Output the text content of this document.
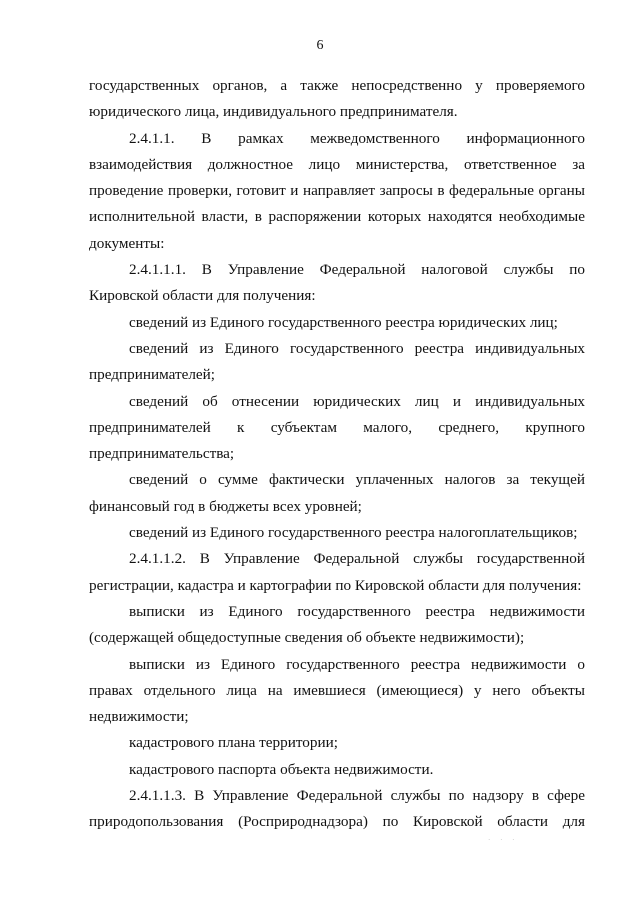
6

государственных органов, а также непосредственно у проверяемого юридического лица, индивидуального предпринимателя.

2.4.1.1. В рамках межведомственного информационного взаимодействия должностное лицо министерства, ответственное за проведение проверки, готовит и направляет запросы в федеральные органы исполнительной власти, в распоряжении которых находятся необходимые документы:

2.4.1.1.1. В Управление Федеральной налоговой службы по Кировской области для получения:

сведений из Единого государственного реестра юридических лиц;

сведений из Единого государственного реестра индивидуальных предпринимателей;

сведений об отнесении юридических лиц и индивидуальных предпринимателей к субъектам малого, среднего, крупного предпринимательства;

сведений о сумме фактически уплаченных налогов за текущей финансовый год в бюджеты всех уровней;

сведений из Единого государственного реестра налогоплательщиков;

2.4.1.1.2. В Управление Федеральной службы государственной регистрации, кадастра и картографии по Кировской области для получения:

выписки из Единого государственного реестра недвижимости (содержащей общедоступные сведения об объекте недвижимости);

выписки из Единого государственного реестра недвижимости о правах отдельного лица на имевшиеся (имеющиеся) у него объекты недвижимости;

кадастрового плана территории;

кадастрового паспорта объекта недвижимости.

2.4.1.1.3. В Управление Федеральной службы по надзору в сфере природопользования (Росприроднадзора) по Кировской области для

· · ·
